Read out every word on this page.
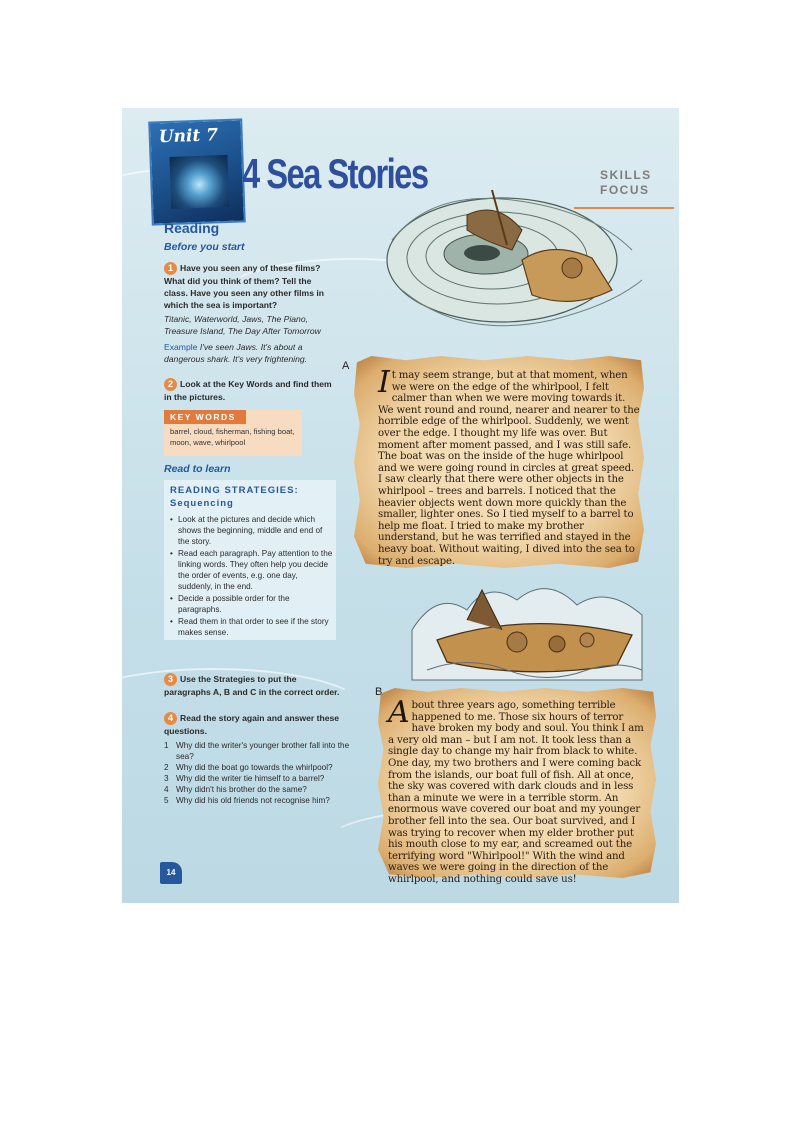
Unit 7
4 Sea Stories	SKILLS
FOCUS
Reading
Before you start
1 Have you seen any of these films? What did you think of them? Tell the class. Have you seen any other films in which the sea is important?
Titanic, Waterworld, Jaws, The Piano, Treasure Island, The Day After Tomorrow
Example I've seen Jaws. It's about a dangerous shark. It's very frightening.
2 Look at the Key Words and find them in the pictures.
KEY WORDS
barrel, cloud, fisherman, fishing boat, moon, wave, whirlpool
Read to learn
READING STRATEGIES:
Sequencing
• Look at the pictures and decide which shows the beginning, middle and end of the story.
• Read each paragraph. Pay attention to the linking words. They often help you decide the order of events, e.g. one day, suddenly, in the end.
• Decide a possible order for the paragraphs.
• Read them in that order to see if the story makes sense.
3 Use the Strategies to put the paragraphs A, B and C in the correct order.
4 Read the story again and answer these questions.
1 Why did the writer's younger brother fall into the sea?
2 Why did the boat go towards the whirlpool?
3 Why did the writer tie himself to a barrel?
4 Why didn't his brother do the same?
5 Why did his old friends not recognise him?
14
A It may seem strange, but at that moment, when we were on the edge of the whirlpool, I felt calmer than when we were moving towards it. We went round and round, nearer and nearer to the horrible edge of the whirlpool. Suddenly, we went over the edge. I thought my life was over. But moment after moment passed, and I was still safe. The boat was on the inside of the huge whirlpool and we were going round in circles at great speed. I saw clearly that there were other objects in the whirlpool – trees and barrels. I noticed that the heavier objects went down more quickly than the smaller, lighter ones. So I tied myself to a barrel to help me float. I tried to make my brother understand, but he was terrified and stayed in the heavy boat. Without waiting, I dived into the sea to try and escape.
B
About three years ago, something terrible happened to me. Those six hours of terror have broken my body and soul. You think I am a very old man – but I am not. It took less than a single day to change my hair from black to white. One day, my two brothers and I were coming back from the islands, our boat full of fish. All at once, the sky was covered with dark clouds and in less than a minute we were in a terrible storm. An enormous wave covered our boat and my younger brother fell into the sea. Our boat survived, and I was trying to recover when my elder brother put his mouth close to my ear, and screamed out the terrifying word "Whirlpool!" With the wind and waves we were going in the direction of the whirlpool, and nothing could save us!
